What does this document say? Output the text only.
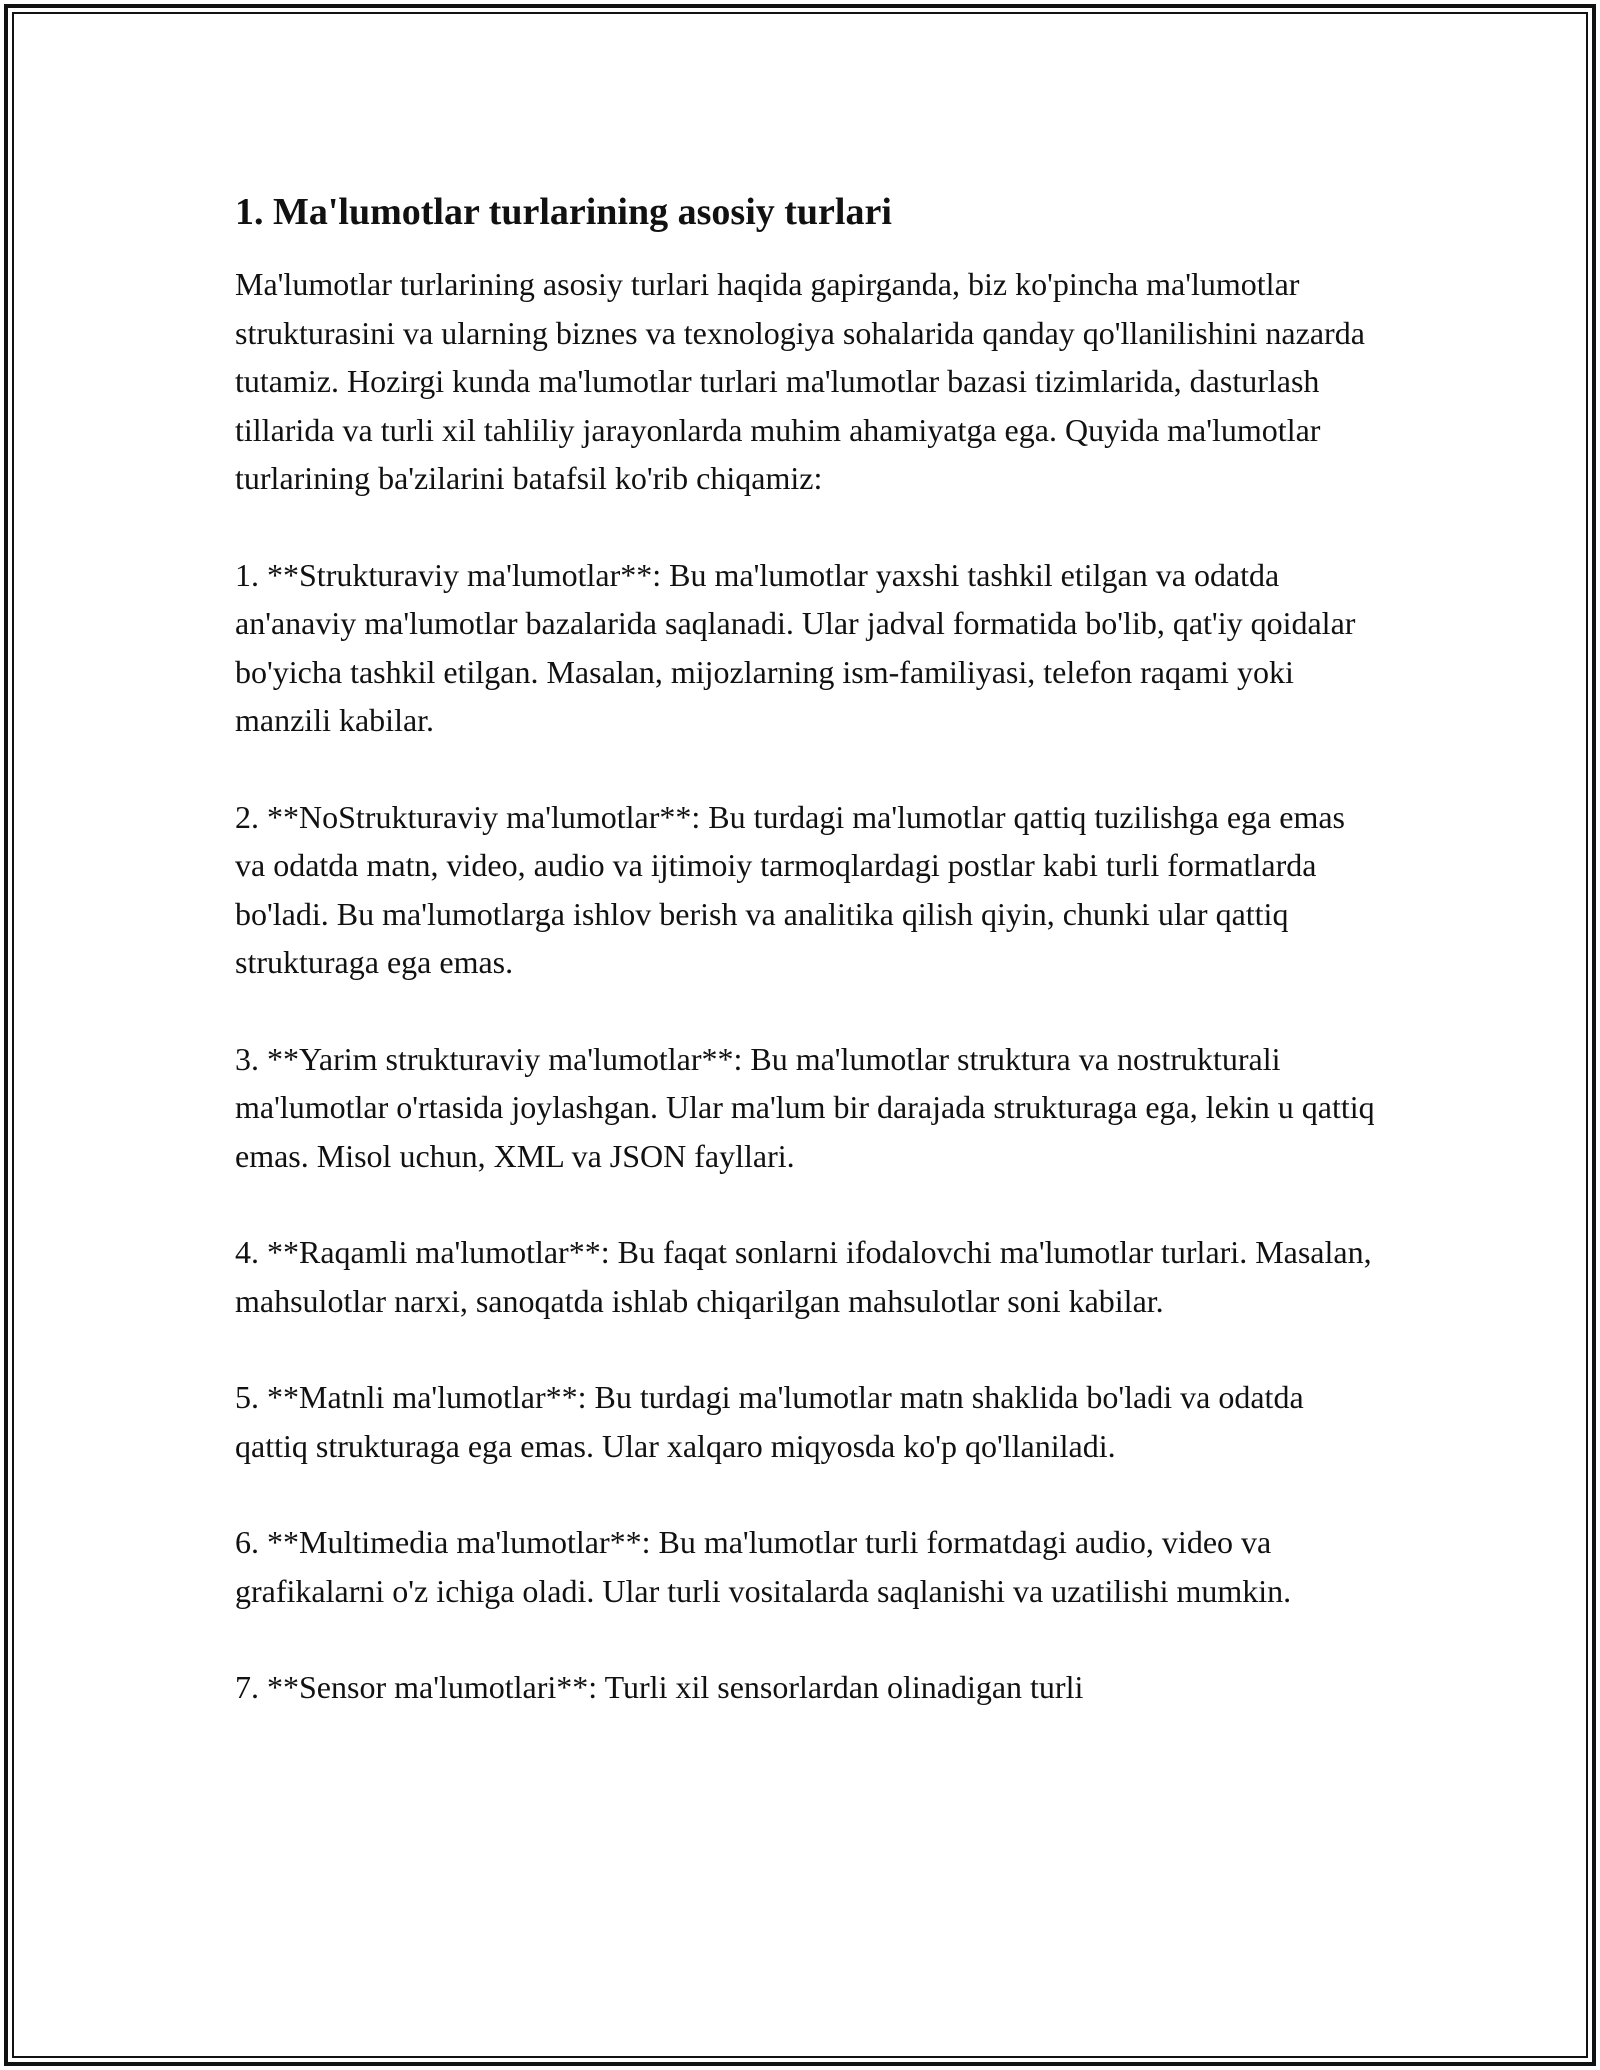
1. Ma'lumotlar turlarining asosiy turlari

Ma'lumotlar turlarining asosiy turlari haqida gapirganda, biz ko'pincha ma'lumotlar strukturasini va ularning biznes va texnologiya sohalarida qanday qo'llanilishini nazarda tutamiz. Hozirgi kunda ma'lumotlar turlari ma'lumotlar bazasi tizimlarida, dasturlash tillarida va turli xil tahliliy jarayonlarda muhim ahamiyatga ega. Quyida ma'lumotlar turlarining ba'zilarini batafsil ko'rib chiqamiz:

1. **Strukturaviy ma'lumotlar**: Bu ma'lumotlar yaxshi tashkil etilgan va odatda an'anaviy ma'lumotlar bazalarida saqlanadi. Ular jadval formatida bo'lib, qat'iy qoidalar bo'yicha tashkil etilgan. Masalan, mijozlarning ism-familiyasi, telefon raqami yoki manzili kabilar.

2. **NoStrukturaviy ma'lumotlar**: Bu turdagi ma'lumotlar qattiq tuzilishga ega emas va odatda matn, video, audio va ijtimoiy tarmoqlardagi postlar kabi turli formatlarda bo'ladi. Bu ma'lumotlarga ishlov berish va analitika qilish qiyin, chunki ular qattiq strukturaga ega emas.

3. **Yarim strukturaviy ma'lumotlar**: Bu ma'lumotlar struktura va nostrukturali ma'lumotlar o'rtasida joylashgan. Ular ma'lum bir darajada strukturaga ega, lekin u qattiq emas. Misol uchun, XML va JSON fayllari.

4. **Raqamli ma'lumotlar**: Bu faqat sonlarni ifodalovchi ma'lumotlar turlari. Masalan, mahsulotlar narxi, sanoqatda ishlab chiqarilgan mahsulotlar soni kabilar.

5. **Matnli ma'lumotlar**: Bu turdagi ma'lumotlar matn shaklida bo'ladi va odatda qattiq strukturaga ega emas. Ular xalqaro miqyosda ko'p qo'llaniladi.

6. **Multimedia ma'lumotlar**: Bu ma'lumotlar turli formatdagi audio, video va grafikalarni o'z ichiga oladi. Ular turli vositalarda saqlanishi va uzatilishi mumkin.

7. **Sensor ma'lumotlari**: Turli xil sensorlardan olinadigan turli
